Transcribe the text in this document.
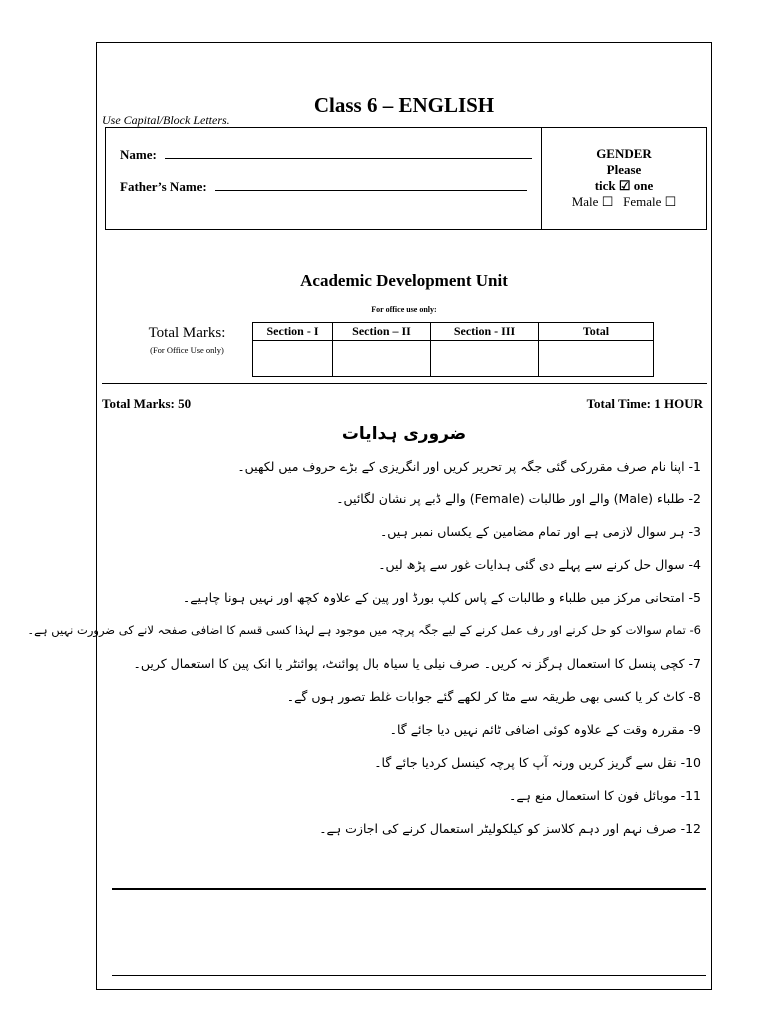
Class 6 – ENGLISH
Use Capital/Block Letters.
Name:
Father’s Name:
GENDER
Please
tick ☑ one
Male ☐ Female ☐
Academic Development Unit
For office use only:
Total Marks:
(For Office Use only)
Section - I	Section – II	Section - III	Total

Total Marks: 50	Total Time: 1 HOUR
ضروری ہدایات
1- اپنا نام صرف مقررکی گئی جگہ پر تحریر کریں اور انگریزی کے بڑے حروف میں لکھیں۔
2- طلباء (Male) والے اور طالبات (Female) والے ڈبے پر نشان لگائیں۔
3- ہر سوال لازمی ہے اور تمام مضامین کے یکساں نمبر ہیں۔
4- سوال حل کرنے سے پہلے دی گئی ہدایات غور سے پڑھ لیں۔
5- امتحانی مرکز میں طلباء و طالبات کے پاس کلپ بورڈ اور پین کے علاوہ کچھ اور نہیں ہونا چاہیے۔
6- تمام سوالات کو حل کرنے اور رف عمل کرنے کے لیے جگہ پرچہ میں موجود ہے لہذا کسی قسم کا اضافی صفحہ لانے کی ضرورت نہیں ہے۔
7- کچی پنسل کا استعمال ہرگز نہ کریں۔ صرف نیلی یا سیاہ بال پوائنٹ، پوائنٹر یا انک پین کا استعمال کریں۔
8- کاٹ کر یا کسی بھی طریقہ سے مٹا کر لکھے گئے جوابات غلط تصور ہوں گے۔
9- مقررہ وقت کے علاوہ کوئی اضافی ٹائم نہیں دیا جائے گا۔
10- نقل سے گریز کریں ورنہ آپ کا پرچہ کینسل کردیا جائے گا۔
11- موبائل فون کا استعمال منع ہے۔
12- صرف نہم اور دہم کلاسز کو کیلکولیٹر استعمال کرنے کی اجازت ہے۔
